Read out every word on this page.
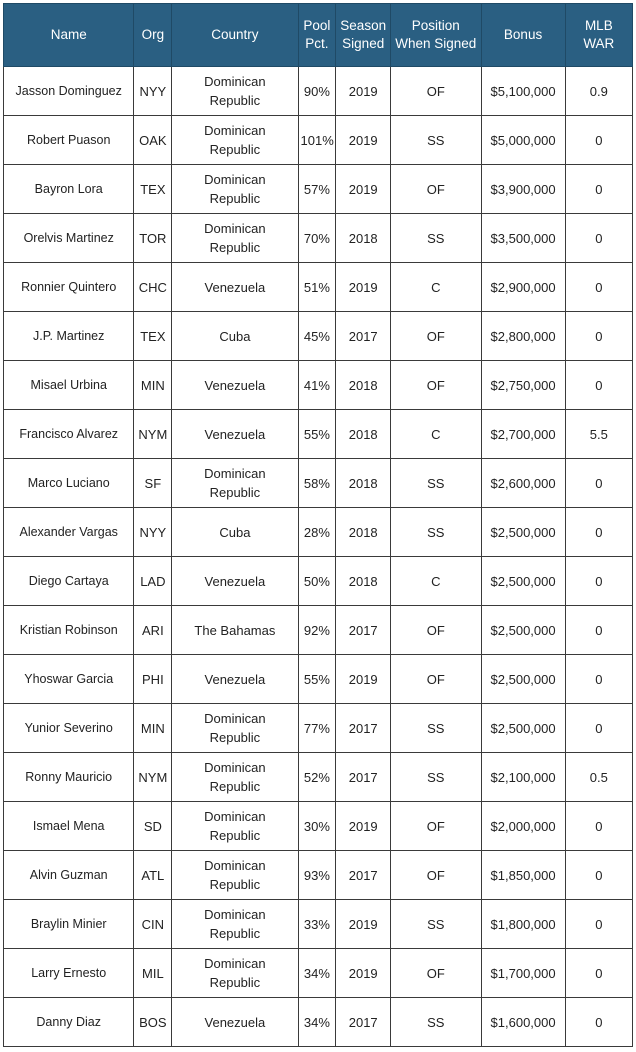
Name	Org	Country	Pool Pct.	Season Signed	Position When Signed	Bonus	MLB WAR
Jasson Dominguez	NYY	Dominican Republic	90%	2019	OF	$5,100,000	0.9
Robert Puason	OAK	Dominican Republic	101%	2019	SS	$5,000,000	0
Bayron Lora	TEX	Dominican Republic	57%	2019	OF	$3,900,000	0
Orelvis Martinez	TOR	Dominican Republic	70%	2018	SS	$3,500,000	0
Ronnier Quintero	CHC	Venezuela	51%	2019	C	$2,900,000	0
J.P. Martinez	TEX	Cuba	45%	2017	OF	$2,800,000	0
Misael Urbina	MIN	Venezuela	41%	2018	OF	$2,750,000	0
Francisco Alvarez	NYM	Venezuela	55%	2018	C	$2,700,000	5.5
Marco Luciano	SF	Dominican Republic	58%	2018	SS	$2,600,000	0
Alexander Vargas	NYY	Cuba	28%	2018	SS	$2,500,000	0
Diego Cartaya	LAD	Venezuela	50%	2018	C	$2,500,000	0
Kristian Robinson	ARI	The Bahamas	92%	2017	OF	$2,500,000	0
Yhoswar Garcia	PHI	Venezuela	55%	2019	OF	$2,500,000	0
Yunior Severino	MIN	Dominican Republic	77%	2017	SS	$2,500,000	0
Ronny Mauricio	NYM	Dominican Republic	52%	2017	SS	$2,100,000	0.5
Ismael Mena	SD	Dominican Republic	30%	2019	OF	$2,000,000	0
Alvin Guzman	ATL	Dominican Republic	93%	2017	OF	$1,850,000	0
Braylin Minier	CIN	Dominican Republic	33%	2019	SS	$1,800,000	0
Larry Ernesto	MIL	Dominican Republic	34%	2019	OF	$1,700,000	0
Danny Diaz	BOS	Venezuela	34%	2017	SS	$1,600,000	0
